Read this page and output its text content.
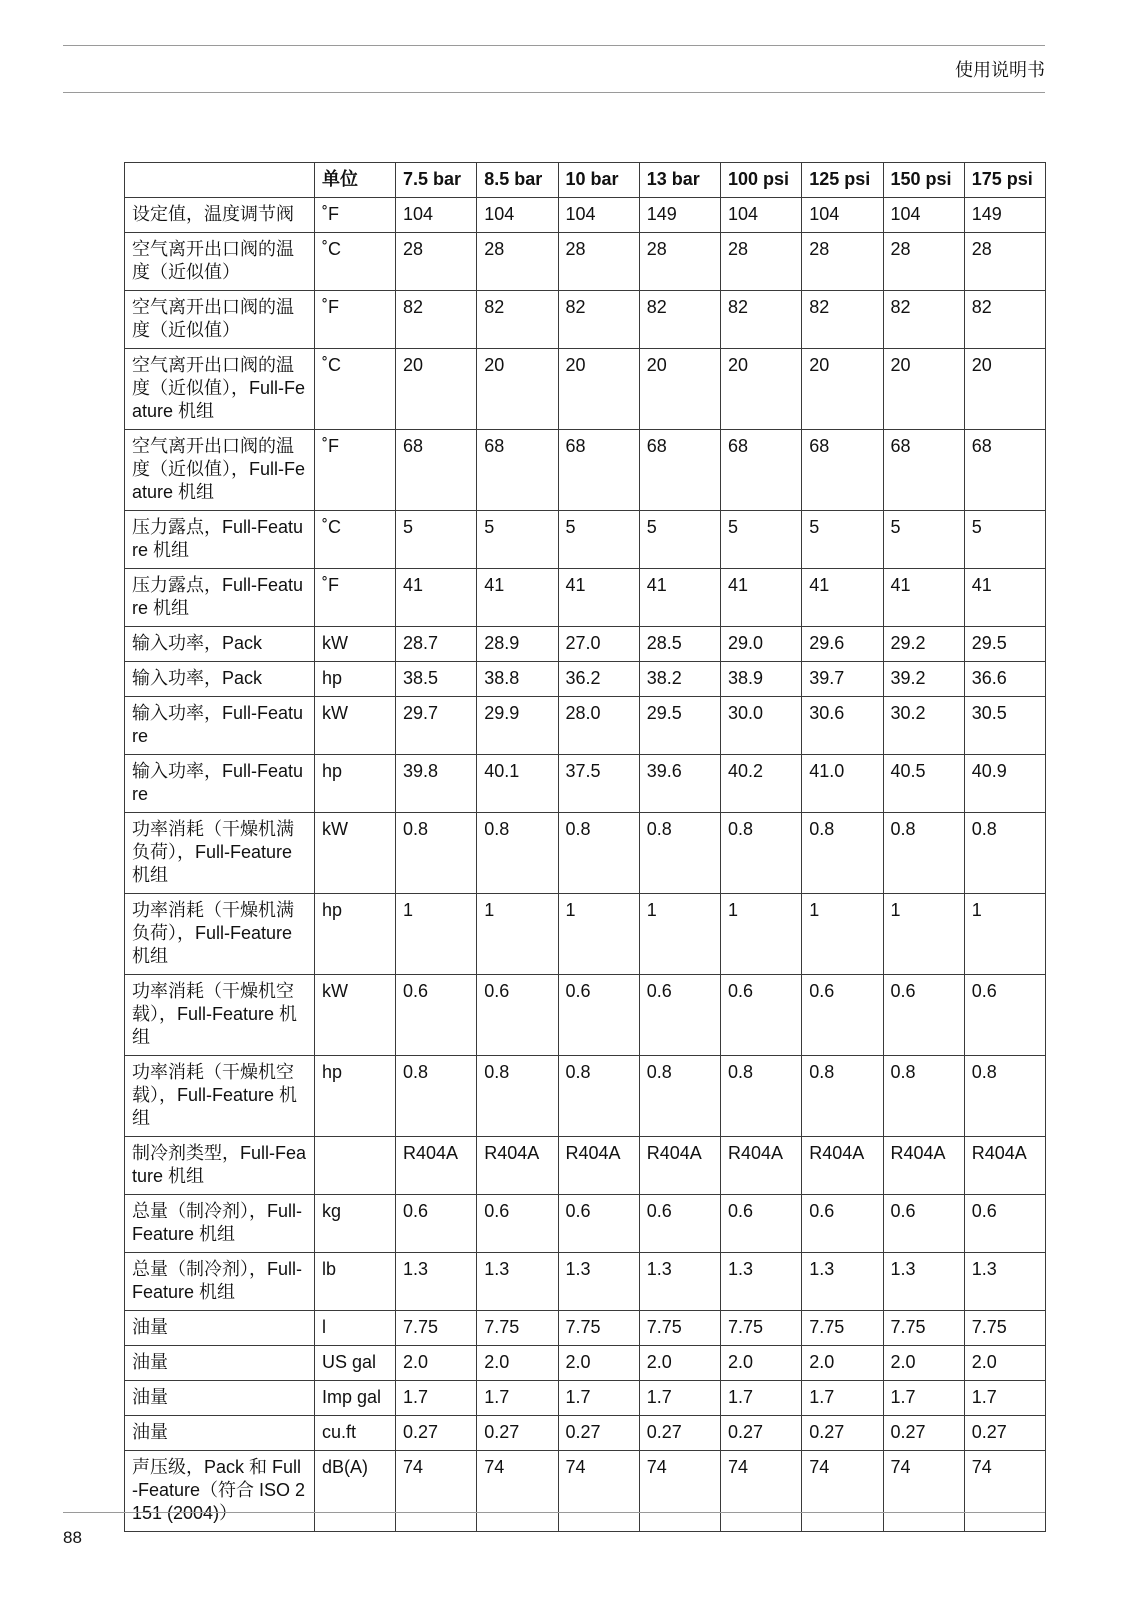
使用说明书
	单位	7.5 bar	8.5 bar	10 bar	13 bar	100 psi	125 psi	150 psi	175 psi
设定值，温度调节阀	˚F	104	104	104	149	104	104	104	149
空气离开出口阀的温度（近似值）	˚C	28	28	28	28	28	28	28	28
空气离开出口阀的温度（近似值）	˚F	82	82	82	82	82	82	82	82
空气离开出口阀的温度（近似值），Full-Feature 机组	˚C	20	20	20	20	20	20	20	20
空气离开出口阀的温度（近似值），Full-Feature 机组	˚F	68	68	68	68	68	68	68	68
压力露点，Full-Feature 机组	˚C	5	5	5	5	5	5	5	5
压力露点，Full-Feature 机组	˚F	41	41	41	41	41	41	41	41
输入功率，Pack	kW	28.7	28.9	27.0	28.5	29.0	29.6	29.2	29.5
输入功率，Pack	hp	38.5	38.8	36.2	38.2	38.9	39.7	39.2	36.6
输入功率，Full-Feature	kW	29.7	29.9	28.0	29.5	30.0	30.6	30.2	30.5
输入功率，Full-Feature	hp	39.8	40.1	37.5	39.6	40.2	41.0	40.5	40.9
功率消耗（干燥机满负荷），Full-Feature 机组	kW	0.8	0.8	0.8	0.8	0.8	0.8	0.8	0.8
功率消耗（干燥机满负荷），Full-Feature 机组	hp	1	1	1	1	1	1	1	1
功率消耗（干燥机空载），Full-Feature 机组	kW	0.6	0.6	0.6	0.6	0.6	0.6	0.6	0.6
功率消耗（干燥机空载），Full-Feature 机组	hp	0.8	0.8	0.8	0.8	0.8	0.8	0.8	0.8
制冷剂类型，Full-Feature 机组		R404A	R404A	R404A	R404A	R404A	R404A	R404A	R404A
总量（制冷剂），Full-Feature 机组	kg	0.6	0.6	0.6	0.6	0.6	0.6	0.6	0.6
总量（制冷剂），Full-Feature 机组	lb	1.3	1.3	1.3	1.3	1.3	1.3	1.3	1.3
油量	l	7.75	7.75	7.75	7.75	7.75	7.75	7.75	7.75
油量	US gal	2.0	2.0	2.0	2.0	2.0	2.0	2.0	2.0
油量	Imp gal	1.7	1.7	1.7	1.7	1.7	1.7	1.7	1.7
油量	cu.ft	0.27	0.27	0.27	0.27	0.27	0.27	0.27	0.27
声压级，Pack 和 Full-Feature（符合 ISO 2151 (2004)）	dB(A)	74	74	74	74	74	74	74	74
88
